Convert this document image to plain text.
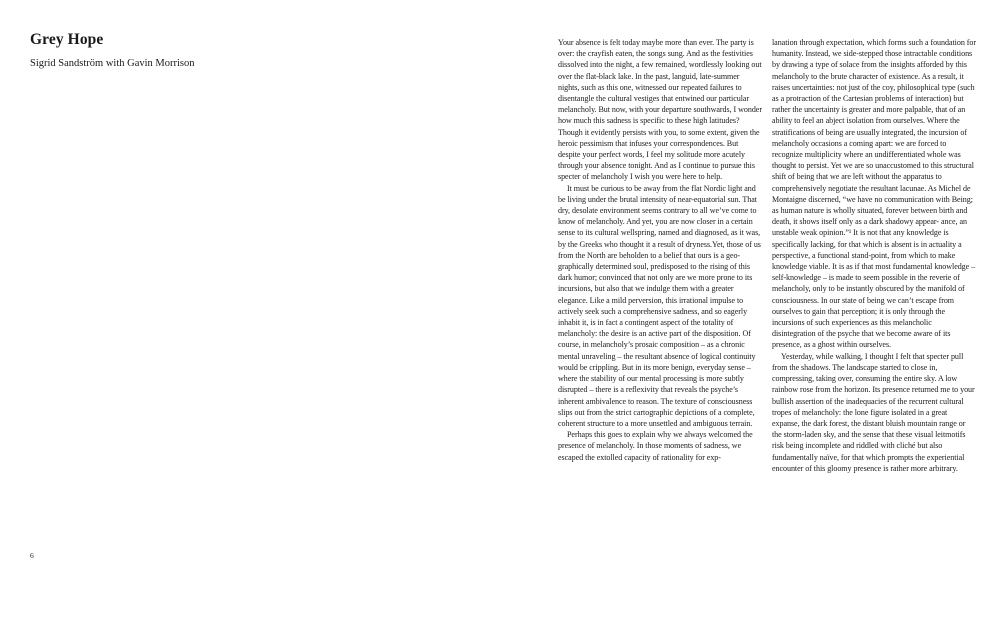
Grey Hope

Sigrid Sandström with Gavin Morrison

Your absence is felt today maybe more than ever. The party is over: the crayfish eaten, the songs sung. And as the festivities dissolved into the night, a few remained, wordlessly looking out over the flat-black lake. In the past, languid, late-summer nights, such as this one, witnessed our repeated failures to disentangle the cultural vestiges that entwined our particular melancholy. But now, with your departure southwards, I wonder how much this sadness is specific to these high latitudes? Though it evidently persists with you, to some extent, given the heroic pessimism that infuses your correspondences. But despite your perfect words, I feel my solitude more acutely through your absence tonight. And as I continue to pursue this specter of melancholy I wish you were here to help.

It must be curious to be away from the flat Nordic light and be living under the brutal intensity of near-equatorial sun. That dry, desolate environment seems contrary to all we’ve come to know of melancholy. And yet, you are now closer in a certain sense to its cultural wellspring, named and diagnosed, as it was, by the Greeks who thought it a result of dryness.Yet, those of us from the North are beholden to a belief that ours is a geo-graphically determined soul, predisposed to the rising of this dark humor; convinced that not only are we more prone to its incursions, but also that we indulge them with a greater elegance. Like a mild perversion, this irrational impulse to actively seek such a comprehensive sadness, and so eagerly inhabit it, is in fact a contingent aspect of the totality of melancholy: the desire is an active part of the disposition. Of course, in melancholy’s prosaic composition – as a chronic mental unraveling – the resultant absence of logical continuity would be crippling. But in its more benign, everyday sense – where the stability of our mental processing is more subtly disrupted – there is a reflexivity that reveals the psyche’s inherent ambivalence to reason. The texture of consciousness slips out from the strict cartographic depictions of a complete, coherent structure to a more unsettled and ambiguous terrain.

Perhaps this goes to explain why we always welcomed the presence of melancholy. In those moments of sadness, we escaped the extolled capacity of rationality for exp-

lanation through expectation, which forms such a foundation for humanity. Instead, we side-stepped those intractable conditions by drawing a type of solace from the insights afforded by this melancholy to the brute character of existence. As a result, it raises uncertainties: not just of the coy, philosophical type (such as a protraction of the Cartesian problems of interaction) but rather the uncertainty is greater and more palpable, that of an ability to feel an abject isolation from ourselves. Where the stratifications of being are usually integrated, the incursion of melancholy occasions a coming apart: we are forced to recognize multiplicity where an undifferentiated whole was thought to persist. Yet we are so unaccustomed to this structural shift of being that we are left without the apparatus to comprehensively negotiate the resultant lacunae. As Michel de Montaigne discerned, “we have no communication with Being; as human nature is wholly situated, forever between birth and death, it shows itself only as a dark shadowy appear- ance, an unstable weak opinion.”¹ It is not that any knowledge is specifically lacking, for that which is absent is in actuality a perspective, a functional stand-point, from which to make knowledge viable. It is as if that most fundamental knowledge – self-knowledge – is made to seem possible in the reverie of melancholy, only to be instantly obscured by the manifold of consciousness. In our state of being we can’t escape from ourselves to gain that perception; it is only through the incursions of such experiences as this melancholic disintegration of the psyche that we become aware of its presence, as a ghost within ourselves.

Yesterday, while walking, I thought I felt that specter pull from the shadows. The landscape started to close in, compressing, taking over, consuming the entire sky. A low rainbow rose from the horizon. Its presence returned me to your bullish assertion of the inadequacies of the recurrent cultural tropes of melancholy: the lone figure isolated in a great expanse, the dark forest, the distant bluish mountain range or the storm-laden sky, and the sense that these visual leitmotifs risk being incomplete and riddled with cliché but also fundamentally naïve, for that which prompts the experiential encounter of this gloomy presence is rather more arbitrary.

6
